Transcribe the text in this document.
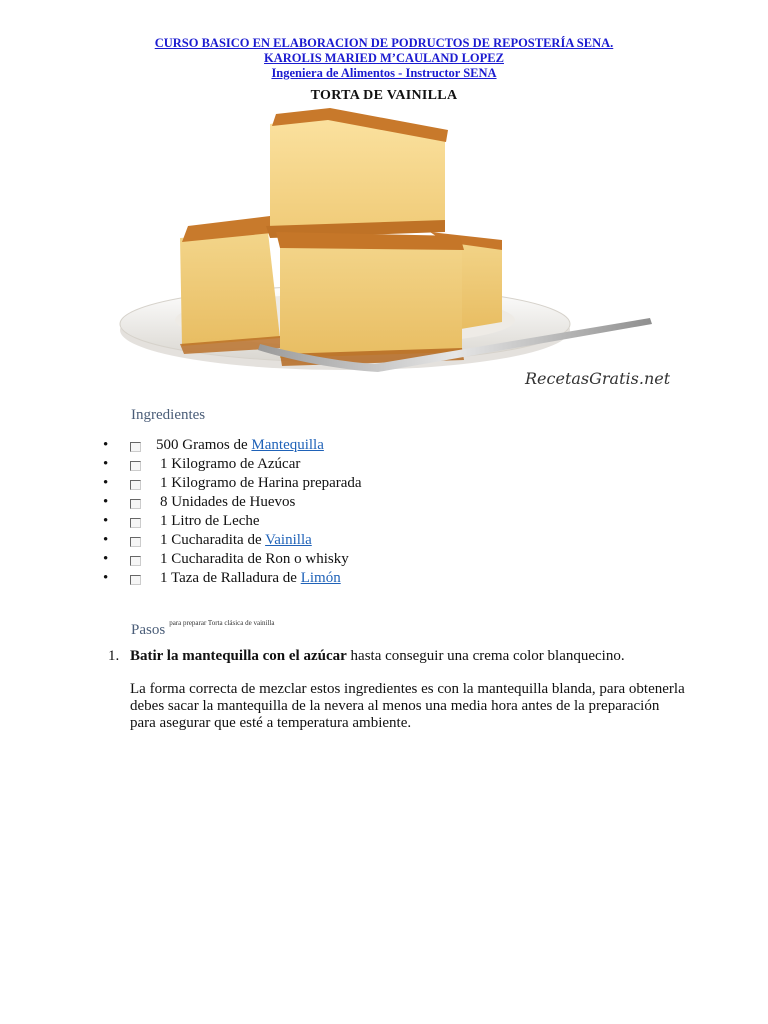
CURSO BASICO EN ELABORACION DE PODRUCTOS DE REPOSTERÍA SENA.
KAROLIS MARIED M’CAULAND LOPEZ
Ingeniera de Alimentos - Instructor SENA
TORTA DE VAINILLA
RecetasGratis.net
Ingredientes
•	500 Gramos de Mantequilla
•	1 Kilogramo de Azúcar
•	1 Kilogramo de Harina preparada
•	8 Unidades de Huevos
•	1 Litro de Leche
•	1 Cucharadita de Vainilla
•	1 Cucharadita de Ron o whisky
•	1 Taza de Ralladura de Limón
Pasos $^{para preparar Torta clásica de vainilla}$
1. Batir la mantequilla con el azúcar hasta conseguir una crema color blanquecino.

La forma correcta de mezclar estos ingredientes es con la mantequilla blanda, para obtenerla debes sacar la mantequilla de la nevera al menos una media hora antes de la preparación para asegurar que esté a temperatura ambiente.
